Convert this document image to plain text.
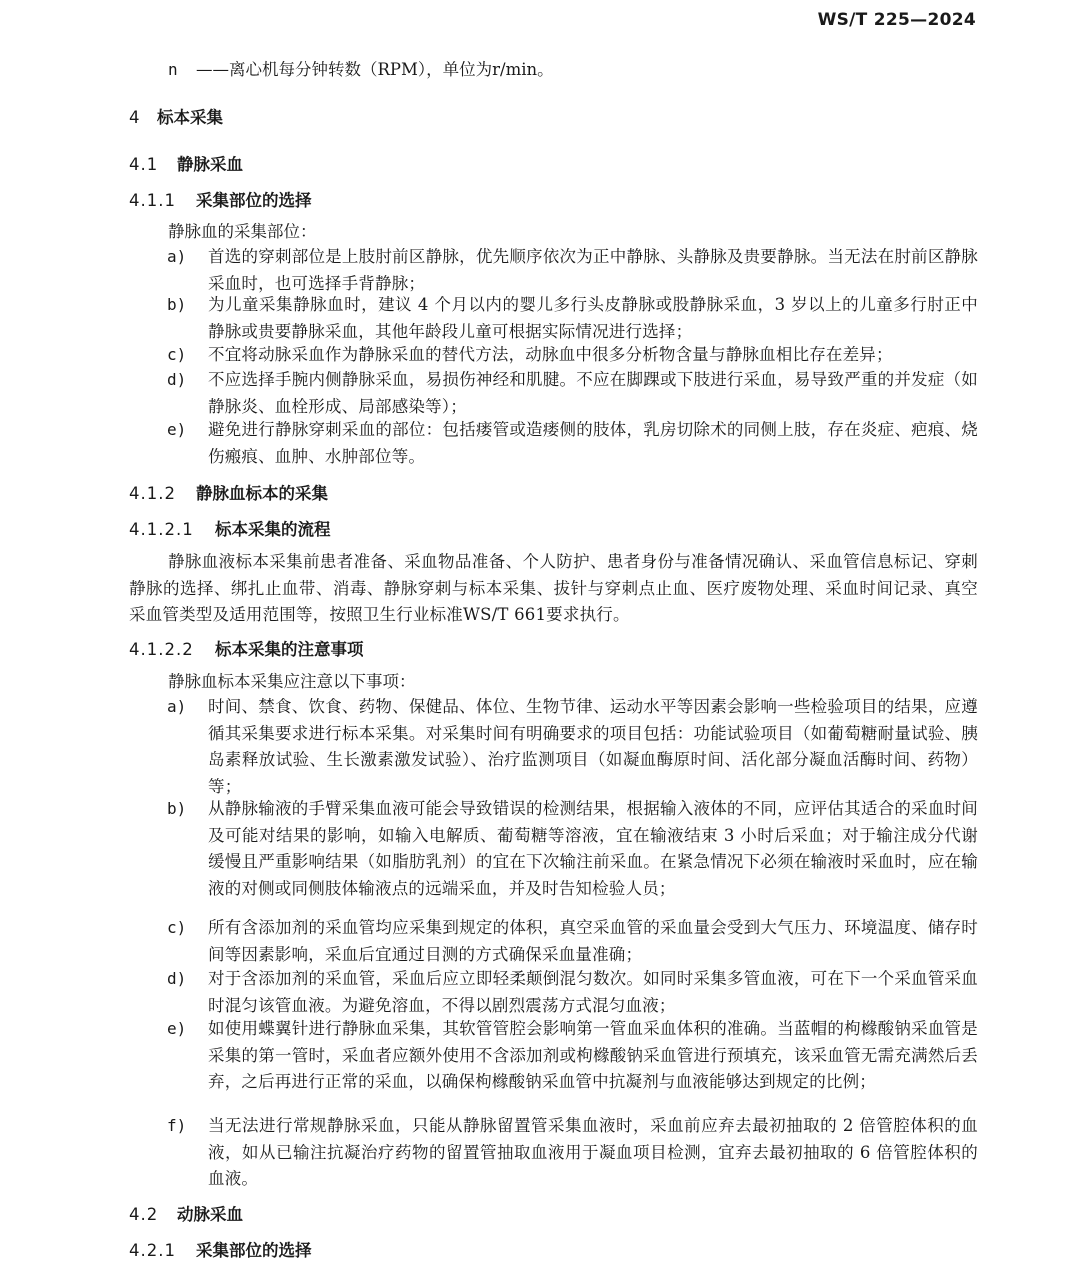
WS/T 225—2024
n ——离心机每分钟转数（RPM），单位为r/min。
4 标本采集
4.1 静脉采血
4.1.1 采集部位的选择
静脉血的采集部位：
a) 首选的穿刺部位是上肢肘前区静脉，优先顺序依次为正中静脉、头静脉及贵要静脉。当无法在肘前区静脉采血时，也可选择手背静脉；
b) 为儿童采集静脉血时，建议 4 个月以内的婴儿多行头皮静脉或股静脉采血，3 岁以上的儿童多行肘正中静脉或贵要静脉采血，其他年龄段儿童可根据实际情况进行选择；
c) 不宜将动脉采血作为静脉采血的替代方法，动脉血中很多分析物含量与静脉血相比存在差异；
d) 不应选择手腕内侧静脉采血，易损伤神经和肌腱。不应在脚踝或下肢进行采血，易导致严重的并发症（如静脉炎、血栓形成、局部感染等）；
e) 避免进行静脉穿刺采血的部位：包括瘘管或造瘘侧的肢体，乳房切除术的同侧上肢，存在炎症、疤痕、烧伤瘢痕、血肿、水肿部位等。
4.1.2 静脉血标本的采集
4.1.2.1 标本采集的流程
静脉血液标本采集前患者准备、采血物品准备、个人防护、患者身份与准备情况确认、采血管信息标记、穿刺静脉的选择、绑扎止血带、消毒、静脉穿刺与标本采集、拔针与穿刺点止血、医疗废物处理、采血时间记录、真空采血管类型及适用范围等，按照卫生行业标准WS/T 661要求执行。
4.1.2.2 标本采集的注意事项
静脉血标本采集应注意以下事项：
a) 时间、禁食、饮食、药物、保健品、体位、生物节律、运动水平等因素会影响一些检验项目的结果，应遵循其采集要求进行标本采集。对采集时间有明确要求的项目包括：功能试验项目（如葡萄糖耐量试验、胰岛素释放试验、生长激素激发试验）、治疗监测项目（如凝血酶原时间、活化部分凝血活酶时间、药物）等；
b) 从静脉输液的手臂采集血液可能会导致错误的检测结果，根据输入液体的不同，应评估其适合的采血时间及可能对结果的影响，如输入电解质、葡萄糖等溶液，宜在输液结束 3 小时后采血；对于输注成分代谢缓慢且严重影响结果（如脂肪乳剂）的宜在下次输注前采血。在紧急情况下必须在输液时采血时，应在输液的对侧或同侧肢体输液点的远端采血，并及时告知检验人员；
c) 所有含添加剂的采血管均应采集到规定的体积，真空采血管的采血量会受到大气压力、环境温度、储存时间等因素影响，采血后宜通过目测的方式确保采血量准确；
d) 对于含添加剂的采血管，采血后应立即轻柔颠倒混匀数次。如同时采集多管血液，可在下一个采血管采血时混匀该管血液。为避免溶血，不得以剧烈震荡方式混匀血液；
e) 如使用蝶翼针进行静脉血采集，其软管管腔会影响第一管血采血体积的准确。当蓝帽的枸橼酸钠采血管是采集的第一管时，采血者应额外使用不含添加剂或枸橼酸钠采血管进行预填充，该采血管无需充满然后丢弃，之后再进行正常的采血，以确保枸橼酸钠采血管中抗凝剂与血液能够达到规定的比例；
f) 当无法进行常规静脉采血，只能从静脉留置管采集血液时，采血前应弃去最初抽取的 2 倍管腔体积的血液，如从已输注抗凝治疗药物的留置管抽取血液用于凝血项目检测，宜弃去最初抽取的 6 倍管腔体积的血液。
4.2 动脉采血
4.2.1 采集部位的选择
